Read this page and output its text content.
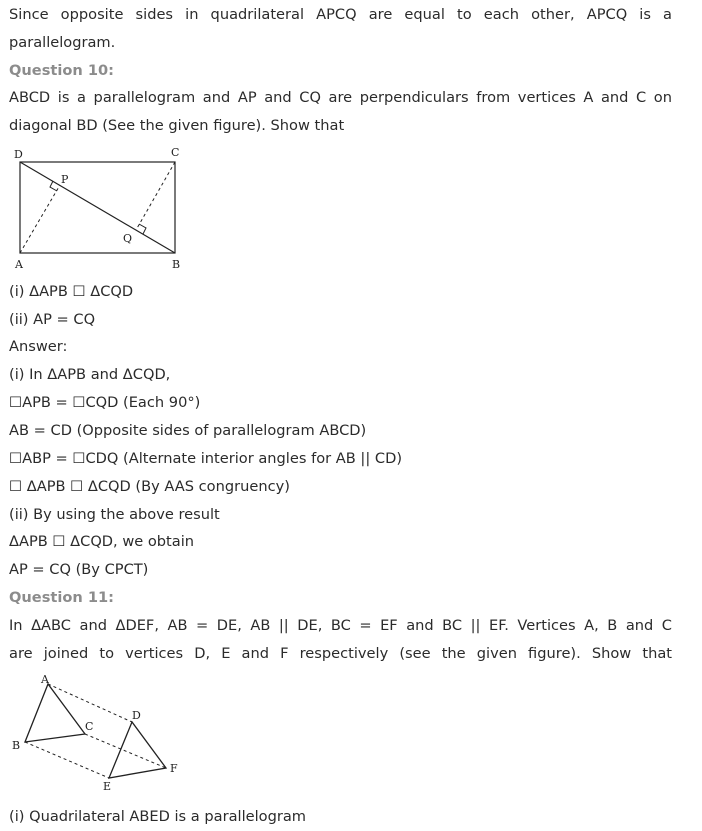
Since opposite sides in quadrilateral APCQ are equal to each other, APCQ is a
parallelogram.
Question 10:
ABCD is a parallelogram and AP and CQ are perpendiculars from vertices A and C on
diagonal BD (See the given figure). Show that
D	C
A	B
P
Q
(i) ΔAPB ☐ ΔCQD
(ii) AP = CQ
Answer:
(i) In ΔAPB and ΔCQD,
☐APB = ☐CQD (Each 90°)
AB = CD (Opposite sides of parallelogram ABCD)
☐ABP = ☐CDQ (Alternate interior angles for AB || CD)
☐ ΔAPB ☐ ΔCQD (By AAS congruency)
(ii) By using the above result
ΔAPB ☐ ΔCQD, we obtain
AP = CQ (By CPCT)
Question 11:
In ΔABC and ΔDEF, AB = DE, AB || DE, BC = EF and BC || EF. Vertices A, B and C
are joined to vertices D, E and F respectively (see the given figure). Show that
A
B
C
D
E
F
(i) Quadrilateral ABED is a parallelogram
